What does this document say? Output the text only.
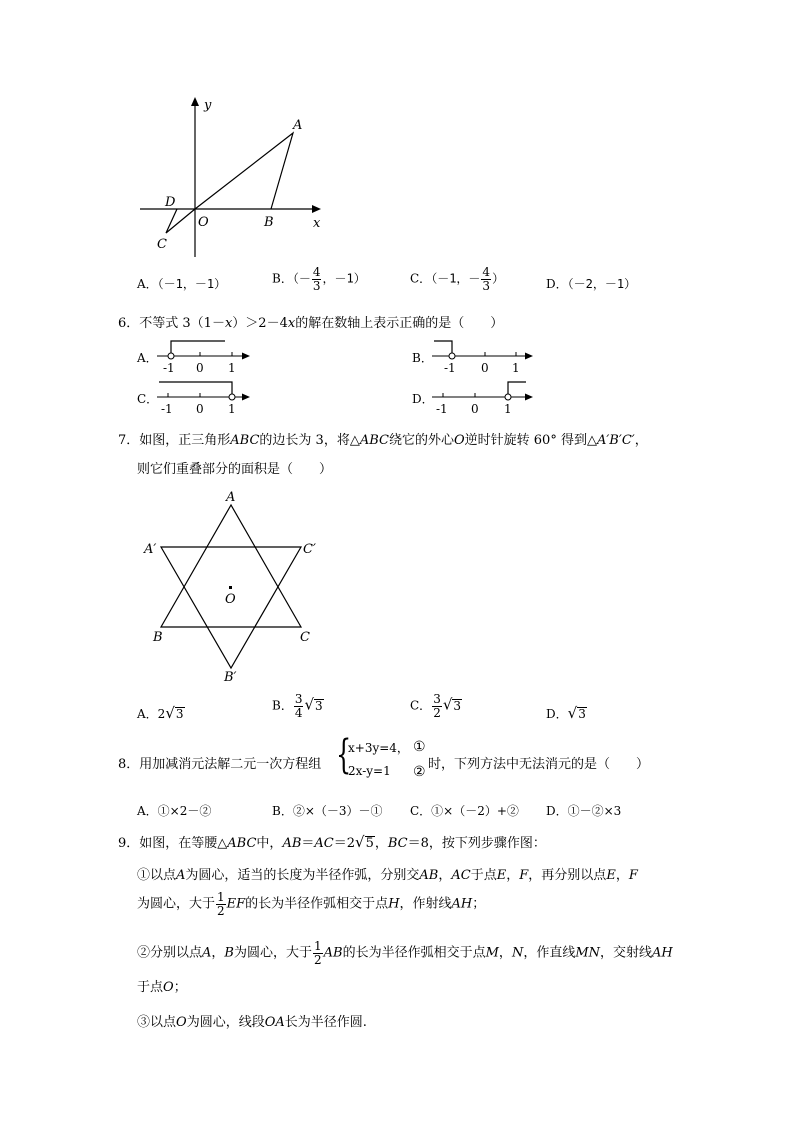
y
x
A
B
O
D
C
A．（－1，－1）	B．（－ $\frac{4}{3}$ ，－1）	C．（－1，－ $\frac{4}{3}$ ）	D．（－2，－1）
6．不等式 3（1－x）＞2－4x的解在数轴上表示正确的是（　　）
A．
-1 0 1
B．
-1 0 1
C．
-1 0 1
D．
-1 0 1
7．如图，正三角形ABC的边长为 3，将△ABC绕它的外心O逆时针旋转 60° 得到△A′B′C′，
则它们重叠部分的面积是（　　）
A
B	C
A′	C′
B′
O
A．2√3
B． $\frac{3}{4} √3$	C． $\frac{3}{2} √3$
D．√3
8．用加减消元法解二元一次方程组 {
x+3y=4，
2x-y=1
①
② 时，下列方法中无法消元的是（　　）
A．①×2－②	B．②×（－3）－① C．①×（－2）+② D．①－②×3
9．如图，在等腰△ABC中，AB＝AC＝2√5，BC＝8，按下列步骤作图：
①以点A为圆心，适当的长度为半径作弧，分别交AB，AC于点E，F，再分别以点E，F
为圆心，大于 $\frac{1}{2}$ EF的长为半径作弧相交于点H，作射线AH；
②分别以点A，B为圆心，大于 $\frac{1}{2}$ AB的长为半径作弧相交于点M，N，作直线MN，交射线AH
于点O；
③以点O为圆心，线段OA长为半径作圆.
